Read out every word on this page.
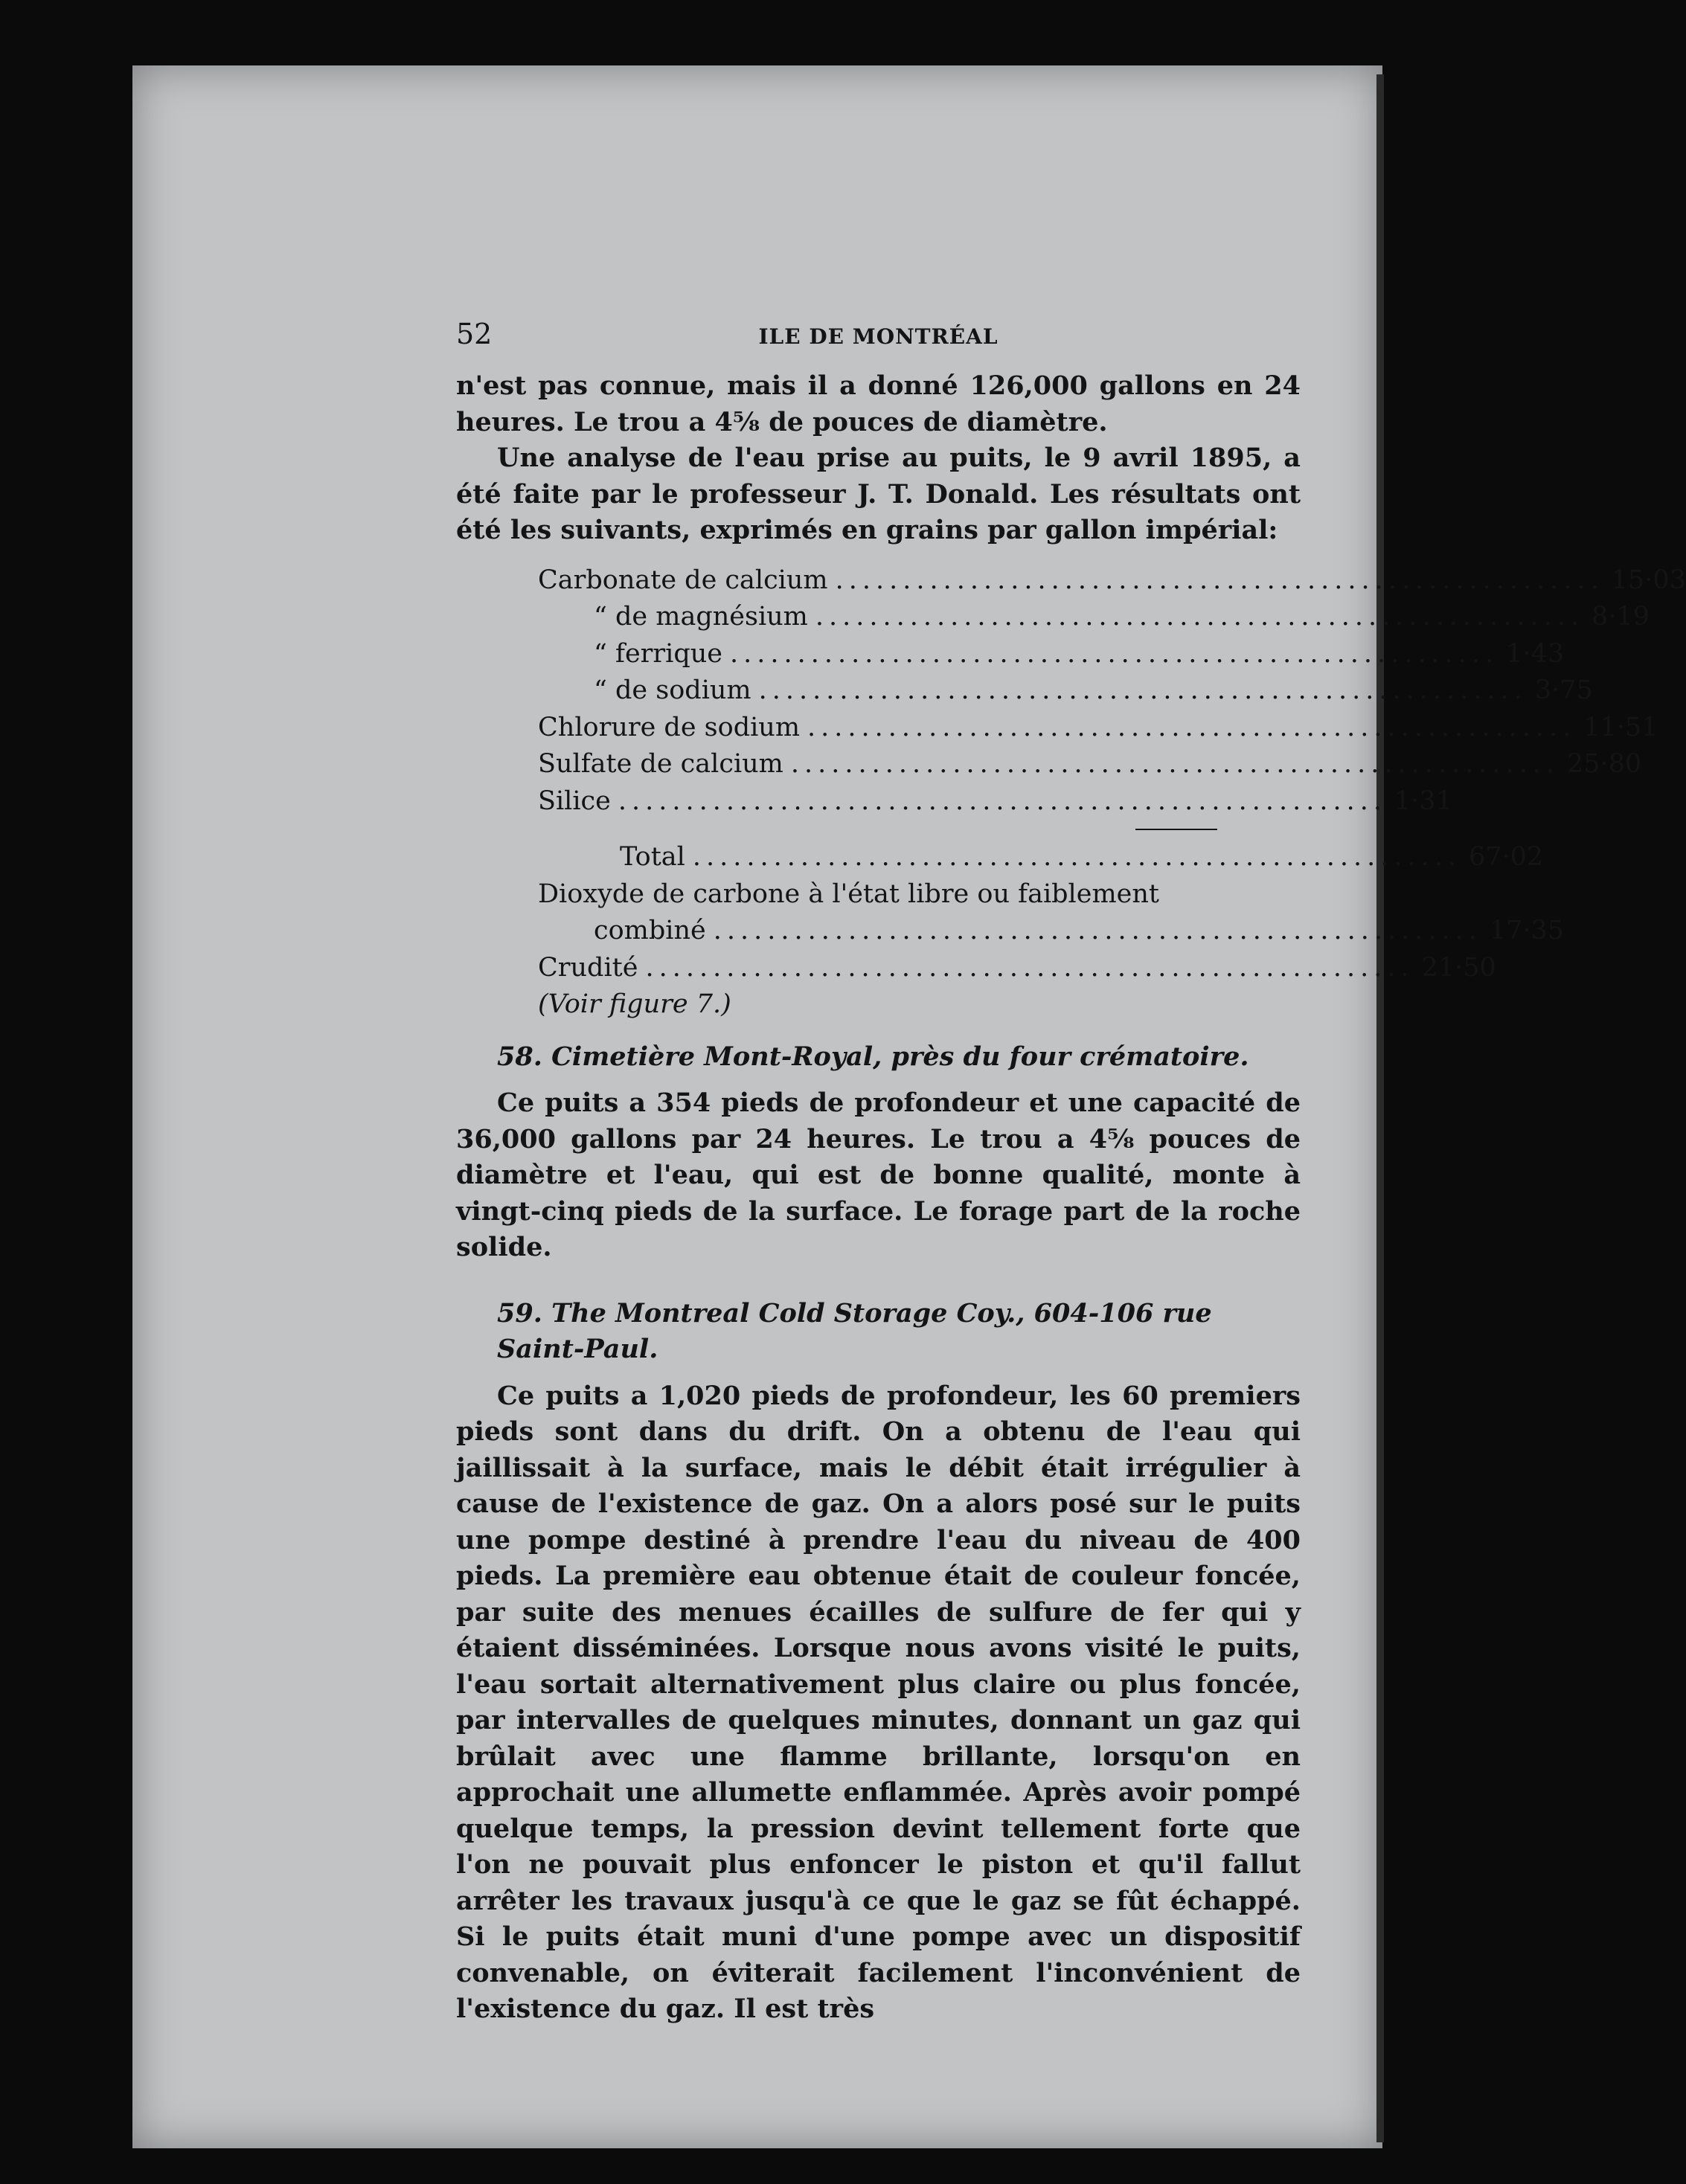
52	ILE DE MONTRÉAL

n'est pas connue, mais il a donné 126,000 gallons en 24 heures. Le trou a 4⅝ de pouces de diamètre.

Une analyse de l'eau prise au puits, le 9 avril 1895, a été faite par le professeur J. T. Donald. Les résultats ont été les suivants, exprimés en grains par gallon impérial:

Carbonate de calcium ......................................................... 15·03
“ de magnésium ......................................................... 8·19
“ ferrique ......................................................... 1·43
“ de sodium ......................................................... 3·75
Chlorure de sodium ......................................................... 11·51
Sulfate de calcium ......................................................... 25·80
Silice ......................................................... 1·31
Total ......................................................... 67·02
Dioxyde de carbone à l'état libre ou faiblement
combiné ......................................................... 17·35
Crudité ......................................................... 21·50
(Voir figure 7.)
58. Cimetière Mont-Royal, près du four crématoire.

Ce puits a 354 pieds de profondeur et une capacité de 36,000 gallons par 24 heures. Le trou a 4⅝ pouces de diamètre et l'eau, qui est de bonne qualité, monte à vingt-cinq pieds de la surface. Le forage part de la roche solide.

59. The Montreal Cold Storage Coy., 604-106 rue Saint-Paul.

Ce puits a 1,020 pieds de profondeur, les 60 premiers pieds sont dans du drift. On a obtenu de l'eau qui jaillissait à la surface, mais le débit était irrégulier à cause de l'existence de gaz. On a alors posé sur le puits une pompe destiné à prendre l'eau du niveau de 400 pieds. La première eau obtenue était de couleur foncée, par suite des menues écailles de sulfure de fer qui y étaient disséminées. Lorsque nous avons visité le puits, l'eau sortait alternativement plus claire ou plus foncée, par intervalles de quelques minutes, donnant un gaz qui brûlait avec une flamme brillante, lorsqu'on en approchait une allumette enflammée. Après avoir pompé quelque temps, la pression devint tellement forte que l'on ne pouvait plus enfoncer le piston et qu'il fallut arrêter les travaux jusqu'à ce que le gaz se fût échappé. Si le puits était muni d'une pompe avec un dispositif convenable, on éviterait facilement l'inconvénient de l'existence du gaz. Il est très
